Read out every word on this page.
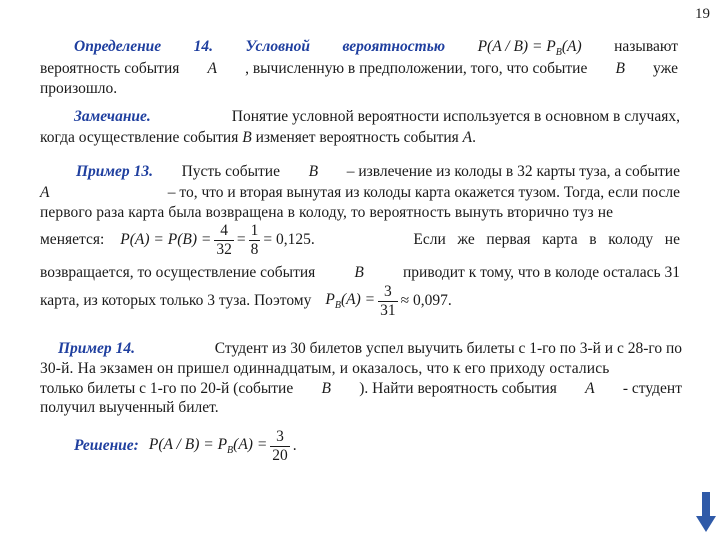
19
Определение 14. Условной вероятностью $P(A / B) = P_B(A)$ называют
вероятность события A , вычисленную в предположении, того, что событие B уже
произошло.
Замечание.	Понятие условной вероятности используется в основном в случаях,
когда осуществление события B изменяет вероятность события A.
Пример 13. Пусть событие B – извлечение из колоды в 32 карты туза, а событие
A	– то, что и вторая вынутая из колоды карта окажется тузом. Тогда, если после
первого раза карта была возвращена в колоду, то вероятность вынуть вторично туз не
меняется: $P(A) = P(B) = \frac{4}{32} = \frac{1}{8} = 0,125$.	Если   же   первая   карта   в   колоду   не
возвращается, то осуществление события	B	приводит к тому, что в колоде осталась 31
карта, из которых только 3 туза. Поэтому $P_B(A) = \frac{3}{31} \approx 0,097$.
Пример 14.	Студент из 30 билетов успел выучить билеты с 1-го по 3-й и с 28-го по
30-й. На экзамен он пришел одиннадцатым, и оказалось, что к его приходу остались
только билеты с 1-го по 20-й (событие B ). Найти вероятность события A - студент
получил выученный билет.
Решение: $P(A / B) = P_B(A) = \frac{3}{20}$ .
